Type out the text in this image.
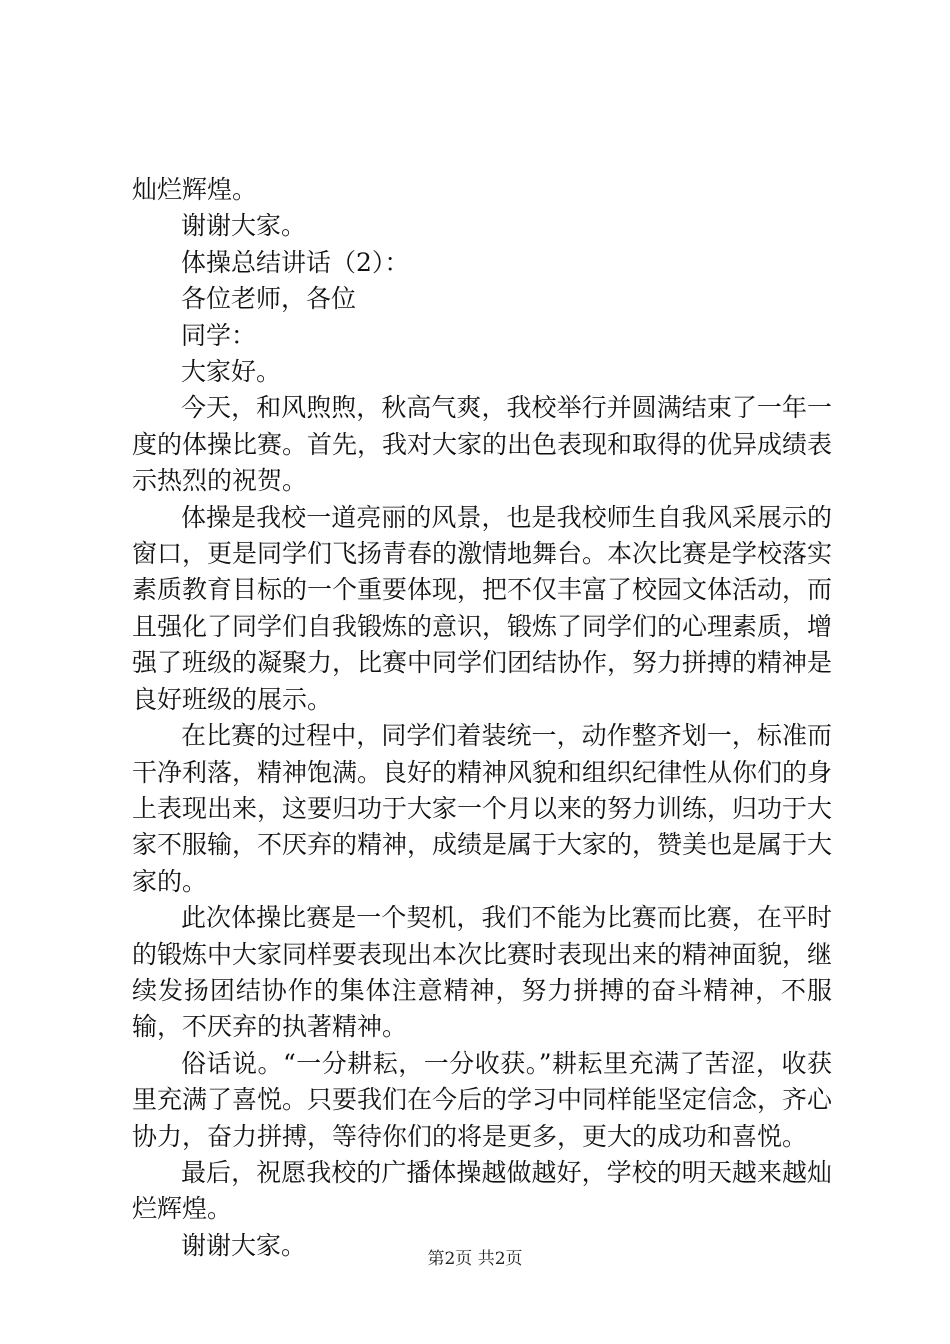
灿烂辉煌。

谢谢大家。

体操总结讲话（2）：

各位老师，各位

同学：

大家好。

今天，和风煦煦，秋高气爽，我校举行并圆满结束了一年一度的体操比赛。首先，我对大家的出色表现和取得的优异成绩表示热烈的祝贺。

体操是我校一道亮丽的风景，也是我校师生自我风采展示的窗口，更是同学们飞扬青春的激情地舞台。本次比赛是学校落实素质教育目标的一个重要体现，把不仅丰富了校园文体活动，而且强化了同学们自我锻炼的意识，锻炼了同学们的心理素质，增强了班级的凝聚力，比赛中同学们团结协作，努力拼搏的精神是良好班级的展示。

在比赛的过程中，同学们着装统一，动作整齐划一，标准而干净利落，精神饱满。良好的精神风貌和组织纪律性从你们的身上表现出来，这要归功于大家一个月以来的努力训练，归功于大家不服输，不厌弃的精神，成绩是属于大家的，赞美也是属于大家的。

此次体操比赛是一个契机，我们不能为比赛而比赛，在平时的锻炼中大家同样要表现出本次比赛时表现出来的精神面貌，继续发扬团结协作的集体注意精神，努力拼搏的奋斗精神，不服输，不厌弃的执著精神。

俗话说。“一分耕耘，一分收获。”耕耘里充满了苦涩，收获里充满了喜悦。只要我们在今后的学习中同样能坚定信念，齐心协力，奋力拼搏，等待你们的将是更多，更大的成功和喜悦。

最后，祝愿我校的广播体操越做越好，学校的明天越来越灿烂辉煌。

谢谢大家。	第2页 共2页
